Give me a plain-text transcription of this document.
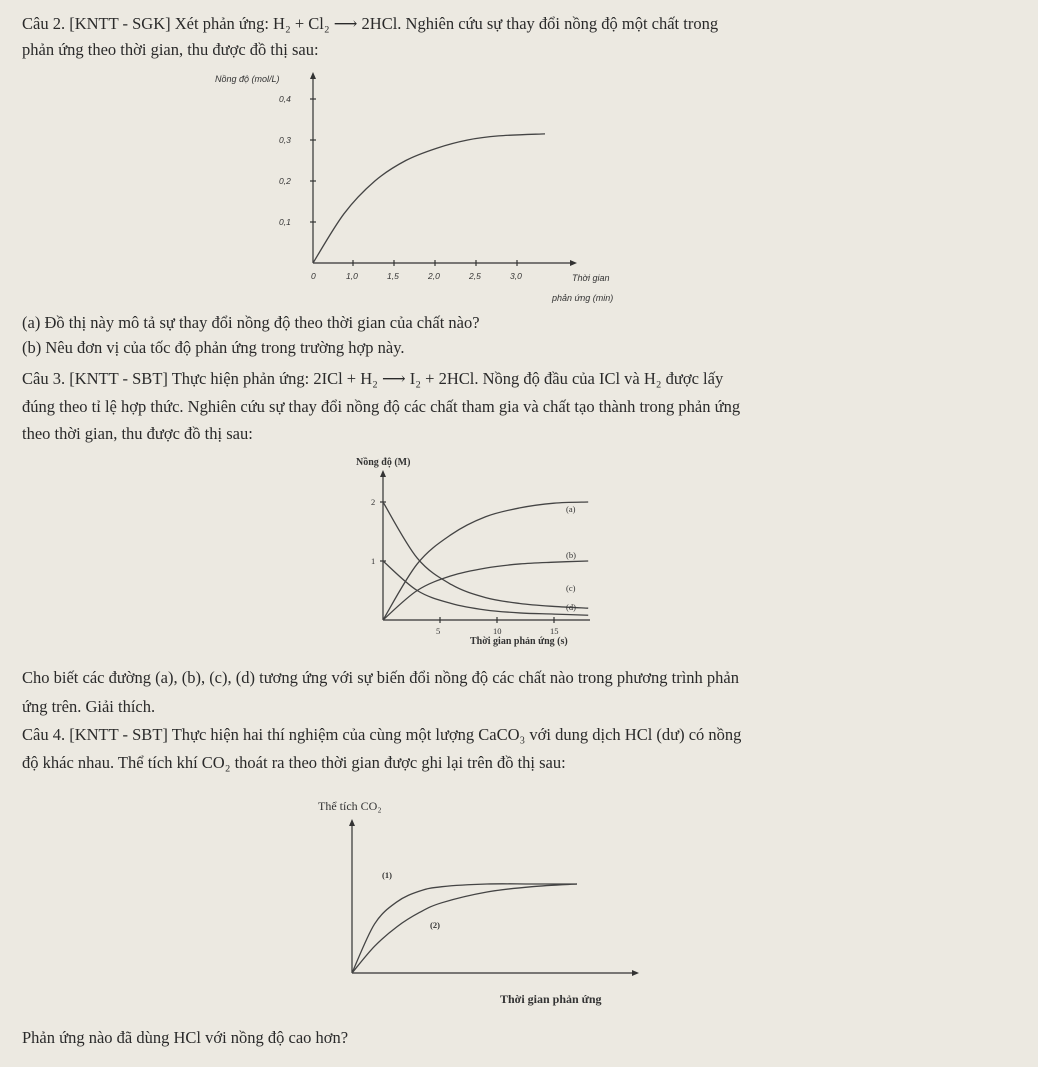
Câu 2. [KNTT - SGK] Xét phản ứng: H₂ + Cl₂ ⟶ 2HCl. Nghiên cứu sự thay đổi nồng độ một chất trong
phản ứng theo thời gian, thu được đồ thị sau:
Nồng độ (mol/L)
Thời gian
phản ứng (min)
0,1
0,2
0,3
0,4
0	1,0	1,5	2,0	2,5	3,0
(a) Đồ thị này mô tả sự thay đổi nồng độ theo thời gian của chất nào?
(b) Nêu đơn vị của tốc độ phản ứng trong trường hợp này.
Câu 3. [KNTT - SBT] Thực hiện phản ứng: 2ICl + H₂ ⟶ I₂ + 2HCl. Nồng độ đầu của ICl và H₂ được lấy
đúng theo tỉ lệ hợp thức. Nghiên cứu sự thay đổi nồng độ các chất tham gia và chất tạo thành trong phản ứng
theo thời gian, thu được đồ thị sau:
Nồng độ (M)
Thời gian phản ứng (s)
1
2
5	10	15
(a)
(b)
(c)
(d)
Cho biết các đường (a), (b), (c), (d) tương ứng với sự biến đổi nồng độ các chất nào trong phương trình phản
ứng trên. Giải thích.
Câu 4. [KNTT - SBT] Thực hiện hai thí nghiệm của cùng một lượng CaCO₃ với dung dịch HCl (dư) có nồng
độ khác nhau. Thể tích khí CO₂ thoát ra theo thời gian được ghi lại trên đồ thị sau:
Thể tích CO₂
Thời gian phản ứng
(1)
(2)
Phản ứng nào đã dùng HCl với nồng độ cao hơn?
